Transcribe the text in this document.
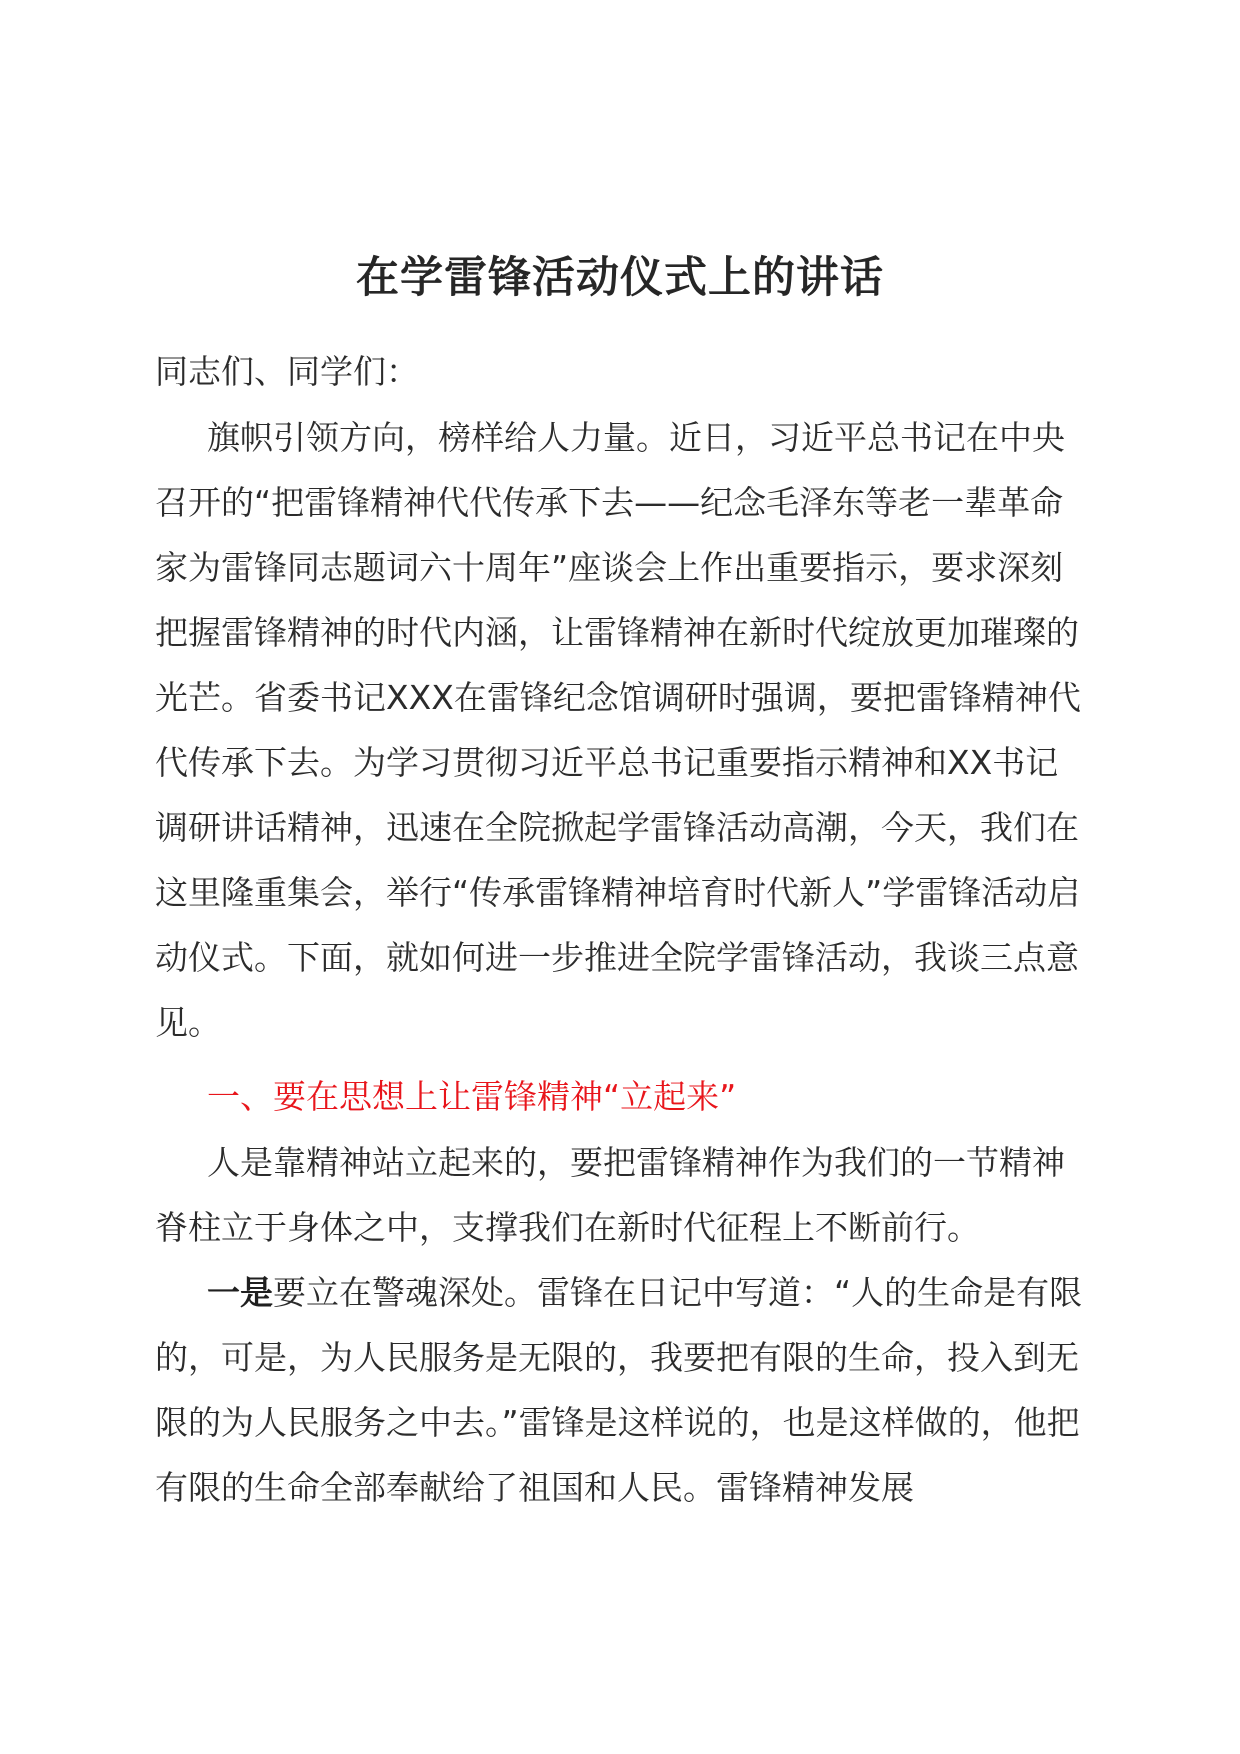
在学雷锋活动仪式上的讲话
同志们、同学们：
旗帜引领方向，榜样给人力量。近日，习近平总书记在中央召开的“把雷锋精神代代传承下去——纪念毛泽东等老一辈革命家为雷锋同志题词六十周年”座谈会上作出重要指示，要求深刻把握雷锋精神的时代内涵，让雷锋精神在新时代绽放更加璀璨的光芒。省委书记XXX在雷锋纪念馆调研时强调，要把雷锋精神代代传承下去。为学习贯彻习近平总书记重要指示精神和XX书记调研讲话精神，迅速在全院掀起学雷锋活动高潮，今天，我们在这里隆重集会，举行“传承雷锋精神培育时代新人”学雷锋活动启动仪式。下面，就如何进一步推进全院学雷锋活动，我谈三点意见。
一、要在思想上让雷锋精神“立起来”
人是靠精神站立起来的，要把雷锋精神作为我们的一节精神脊柱立于身体之中，支撑我们在新时代征程上不断前行。
一是要立在警魂深处。雷锋在日记中写道：“人的生命是有限的，可是，为人民服务是无限的，我要把有限的生命，投入到无限的为人民服务之中去。”雷锋是这样说的，也是这样做的，他把有限的生命全部奉献给了祖国和人民。雷锋精神发展
